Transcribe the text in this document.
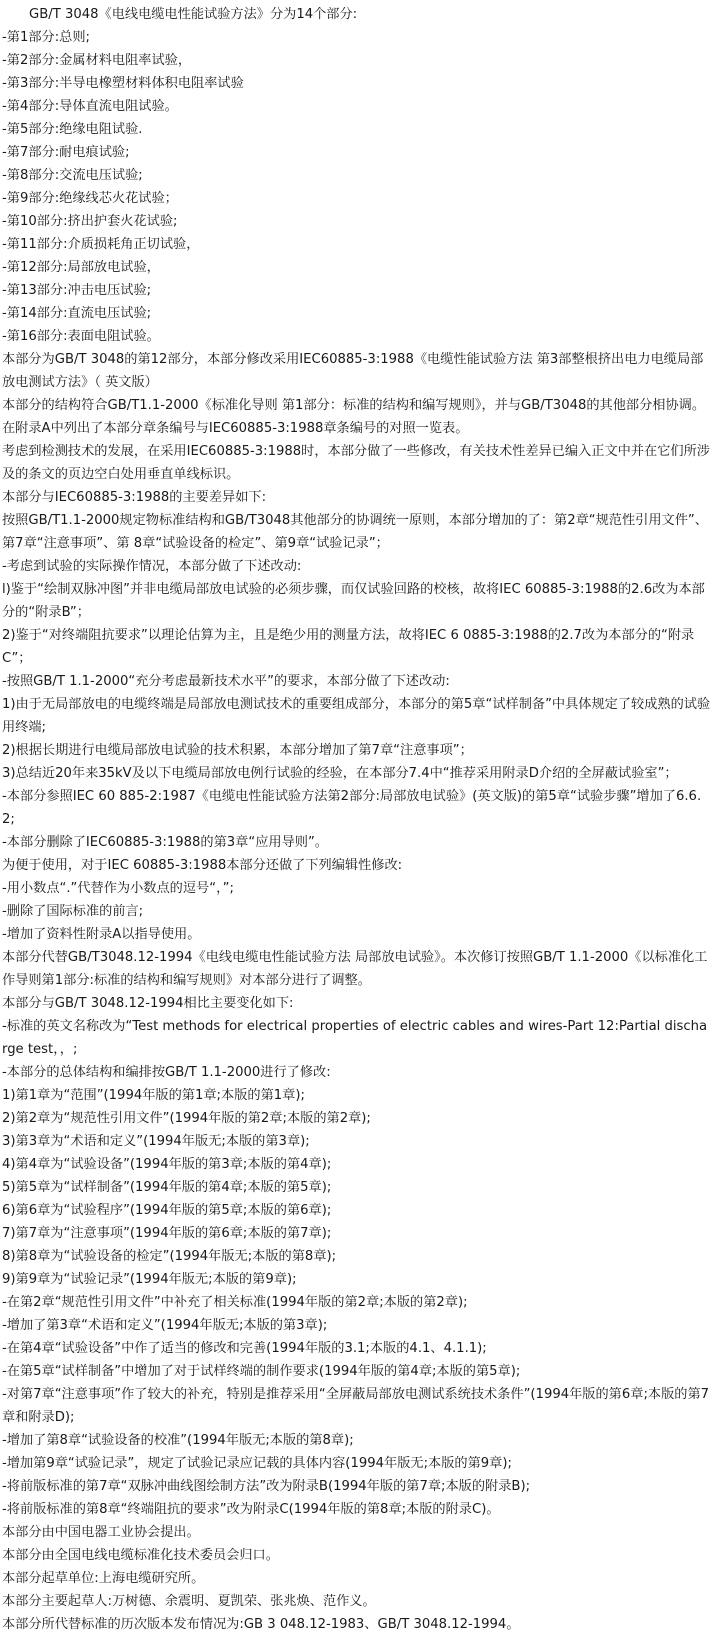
GB/T 3048《电线电缆电性能试验方法》分为14个部分:

-第1部分:总则;

-第2部分:金属材料电阻率试验，

-第3部分:半导电橡塑材料体积电阻率试验

-第4部分:导体直流电阻试验。

-第5部分:绝缘电阻试验.

-第7部分:耐电痕试验;

-第8部分:交流电压试验;

-第9部分:绝缘线芯火花试验；

-第10部分:挤出护套火花试验;

-第11部分:介质损耗角正切试验，

-第12部分:局部放电试验，

-第13部分:冲击电压试验;

-第14部分:直流电压试验;

-第16部分:表面电阻试验。

本部分为GB/T 3048的第12部分，本部分修改采用IEC60885-3:1988《电缆性能试验方法 第3部整根挤出电力电缆局部放电测试方法》（ 英文版）

本部分的结构符合GB/T1.1-2000《标准化导则 第1部分：标准的结构和编写规则》，并与GB/T3048的其他部分相协调。在附录A中列出了本部分章条编号与IEC60885-3:1988章条编号的对照一览表。

考虑到检测技术的发展，在采用IEC60885-3:1988时，本部分做了一些修改，有关技术性差异已编入正文中并在它们所涉及的条文的页边空白处用垂直单线标识。

本部分与IEC60885-3:1988的主要差异如下:

按照GB/T1.1-2000规定物标准结构和GB/T3048其他部分的协调统一原则，本部分增加的了：第2章“规范性引用文件”、第7章“注意事项”、第 8章“试验设备的检定”、第9章“试验记录”；

-考虑到试验的实际操作情况，本部分做了下述改动:

l)鉴于“绘制双脉冲图”并非电缆局部放电试验的必须步骤，而仅试验回路的校核，故将IEC 60885-3:1988的2.6改为本部分的“附录B”；

2)鉴于“对终端阻抗要求”以理论估算为主，且是绝少用的测量方法，故将IEC 6 0885-3:1988的2.7改为本部分的“附录C”；

-按照GB/T 1.1-2000“充分考虑最新技术水平”的要求，本部分做了下述改动:

1)由于无局部放电的电缆终端是局部放电测试技术的重要组成部分，本部分的第5章“试样制备”中具体规定了较成熟的试验用终端;

2)根据长期进行电缆局部放电试验的技术积累，本部分增加了第7章“注意事项”；

3)总结近20年来35kV及以下电缆局部放电例行试验的经验，在本部分7.4中“推荐采用附录D介绍的全屏蔽试验室”；

-本部分参照IEC 60 885-2:1987《电缆电性能试验方法第2部分:局部放电试验》(英文版)的第5章“试验步骤”增加了6.6.2;

-本部分删除了IEC60885-3:1988的第3章“应用导则”。

为便于使用，对于IEC 60885-3:1988本部分还做了下列编辑性修改:

-用小数点“.”代替作为小数点的逗号“，”;

-删除了国际标准的前言;

-增加了资料性附录A以指导使用。

本部分代替GB/T3048.12-1994《电线电缆电性能试验方法 局部放电试验》。本次修订按照GB/T 1.1-2000《以标准化工作导则第1部分:标准的结构和编写规则》对本部分进行了调整。

本部分与GB/T 3048.12-1994相比主要变化如下:

-标准的英文名称改为“Test methods for electrical properties of electric cables and wires-Part 12:Partial discharge test，，;

-本部分的总体结构和编排按GB/T 1.1-2000进行了修改:

1)第1章为“范围”(1994年版的第1章;本版的第1章);

2)第2章为“规范性引用文件”(1994年版的第2章;本版的第2章);

3)第3章为“术语和定义”(1994年版无;本版的第3章);

4)第4章为“试验设备”(1994年版的第3章;本版的第4章);

5)第5章为“试样制备”(1994年版的第4章;本版的第5章);

6)第6章为“试验程序”(1994年版的第5章;本版的第6章);

7)第7章为“注意事项”(1994年版的第6章;本版的第7章);

8)第8章为“试验设备的检定”(1994年版无;本版的第8章);

9)第9章为“试验记录”(1994年版无;本版的第9章);

-在第2章“规范性引用文件”中补充了相关标准(1994年版的第2章;本版的第2章);

-增加了第3章“术语和定义”(1994年版无;本版的第3章);

-在第4章“试验设备”中作了适当的修改和完善(1994年版的3.1;本版的4.1、4.1.1);

-在第5章“试样制备”中增加了对于试样终端的制作要求(1994年版的第4章;本版的第5章);

-对第7章“注意事项”作了较大的补充，特别是推荐采用“全屏蔽局部放电测试系统技术条件”(1994年版的第6章;本版的第7章和附录D);

-增加了第8章“试验设备的校准”(1994年版无;本版的第8章);

-增加第9章“试验记录”，规定了试验记录应记载的具体内容(1994年版无;本版的第9章);

-将前版标准的第7章“双脉冲曲线图绘制方法”改为附录B(1994年版的第7章;本版的附录B);

-将前版标准的第8章“终端阻抗的要求”改为附录C(1994年版的第8章;本版的附录C)。

本部分由中国电器工业协会提出。

本部分由全国电线电缆标准化技术委员会归口。

本部分起草单位:上海电缆研究所。

本部分主要起草人:万树德、余震明、夏凯荣、张兆焕、范作义。

本部分所代替标准的历次版本发布情况为:GB 3 048.12-1983、GB/T 3048.12-1994。
